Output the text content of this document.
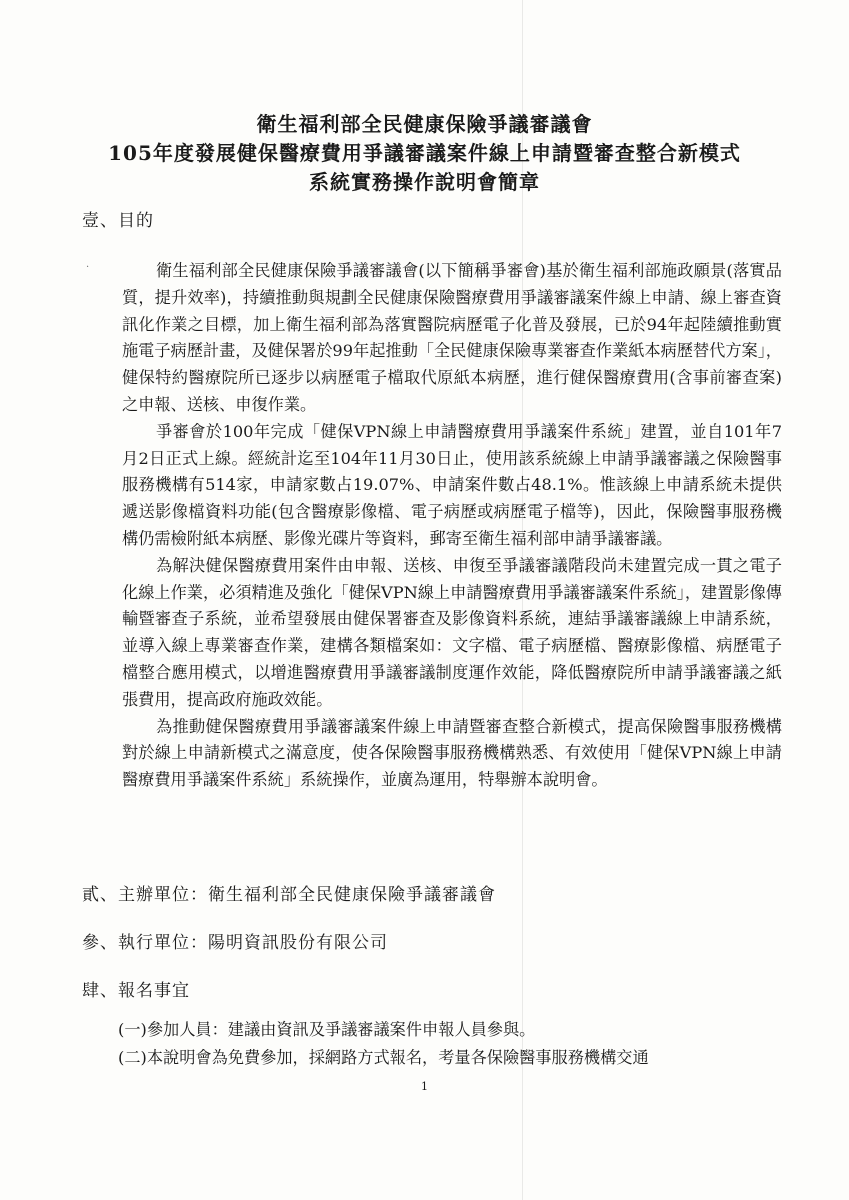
衛生福利部全民健康保險爭議審議會
105年度發展健保醫療費用爭議審議案件線上申請暨審查整合新模式
系統實務操作說明會簡章
壹、目的
·	衛生福利部全民健康保險爭議審議會(以下簡稱爭審會)基於衛生福利部施政願景(落實品質，提升效率)，持續推動與規劃全民健康保險醫療費用爭議審議案件線上申請、線上審查資訊化作業之目標，加上衛生福利部為落實醫院病歷電子化普及發展，已於94年起陸續推動實施電子病歷計畫，及健保署於99年起推動「全民健康保險專業審查作業紙本病歷替代方案」，健保特約醫療院所已逐步以病歷電子檔取代原紙本病歷，進行健保醫療費用(含事前審查案)之申報、送核、申復作業。

爭審會於100年完成「健保VPN線上申請醫療費用爭議案件系統」建置，並自101年7月2日正式上線。經統計迄至104年11月30日止，使用該系統線上申請爭議審議之保險醫事服務機構有514家，申請家數占19.07%、申請案件數占48.1%。惟該線上申請系統未提供遞送影像檔資料功能(包含醫療影像檔、電子病歷或病歷電子檔等)，因此，保險醫事服務機構仍需檢附紙本病歷、影像光碟片等資料，郵寄至衛生福利部申請爭議審議。

為解決健保醫療費用案件由申報、送核、申復至爭議審議階段尚未建置完成一貫之電子化線上作業，必須精進及強化「健保VPN線上申請醫療費用爭議審議案件系統」，建置影像傳輸暨審查子系統，並希望發展由健保署審查及影像資料系統，連結爭議審議線上申請系統，並導入線上專業審查作業，建構各類檔案如：文字檔、電子病歷檔、醫療影像檔、病歷電子檔整合應用模式，以增進醫療費用爭議審議制度運作效能，降低醫療院所申請爭議審議之紙張費用，提高政府施政效能。

為推動健保醫療費用爭議審議案件線上申請暨審查整合新模式，提高保險醫事服務機構對於線上申請新模式之滿意度，使各保險醫事服務機構熟悉、有效使用「健保VPN線上申請醫療費用爭議案件系統」系統操作，並廣為運用，特舉辦本說明會。

貳、主辦單位：衛生福利部全民健康保險爭議審議會
參、執行單位：陽明資訊股份有限公司
肆、報名事宜
(一)參加人員：建議由資訊及爭議審議案件申報人員參與。
(二)本說明會為免費參加，採網路方式報名，考量各保險醫事服務機構交通
1
